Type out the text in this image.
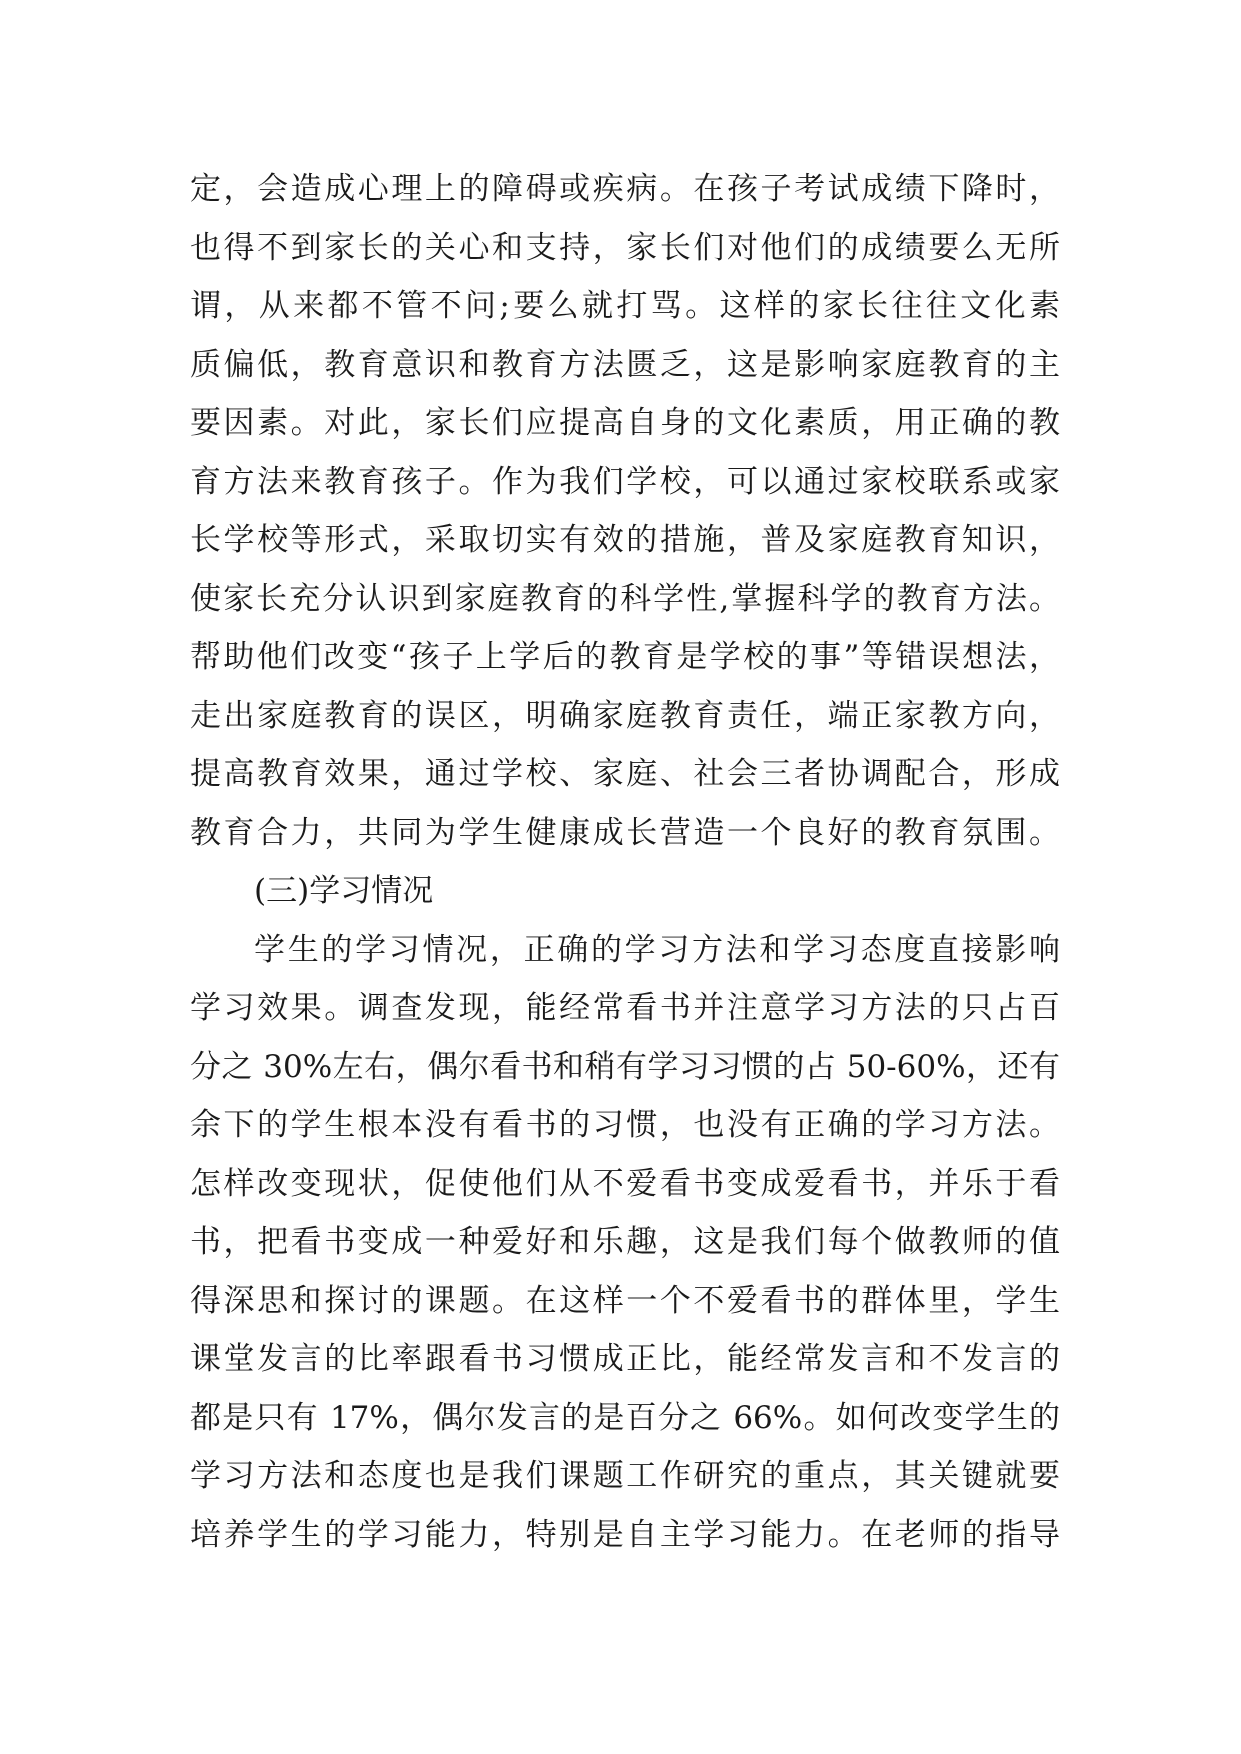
定，会造成心理上的障碍或疾病。在孩子考试成绩下降时，
也得不到家长的关心和支持，家长们对他们的成绩要么无所
谓，从来都不管不问;要么就打骂。这样的家长往往文化素
质偏低，教育意识和教育方法匮乏，这是影响家庭教育的主
要因素。对此，家长们应提高自身的文化素质，用正确的教
育方法来教育孩子。作为我们学校，可以通过家校联系或家
长学校等形式，采取切实有效的措施，普及家庭教育知识，
使家长充分认识到家庭教育的科学性,掌握科学的教育方法。
帮助他们改变“孩子上学后的教育是学校的事”等错误想法，
走出家庭教育的误区，明确家庭教育责任，端正家教方向，
提高教育效果，通过学校、家庭、社会三者协调配合，形成
教育合力，共同为学生健康成长营造一个良好的教育氛围。
(三)学习情况
学生的学习情况，正确的学习方法和学习态度直接影响
学习效果。调查发现，能经常看书并注意学习方法的只占百
分之 30%左右，偶尔看书和稍有学习习惯的占 50-60%，还有
余下的学生根本没有看书的习惯，也没有正确的学习方法。
怎样改变现状，促使他们从不爱看书变成爱看书，并乐于看
书，把看书变成一种爱好和乐趣，这是我们每个做教师的值
得深思和探讨的课题。在这样一个不爱看书的群体里，学生
课堂发言的比率跟看书习惯成正比，能经常发言和不发言的
都是只有 17%，偶尔发言的是百分之 66%。如何改变学生的
学习方法和态度也是我们课题工作研究的重点，其关键就要
培养学生的学习能力，特别是自主学习能力。在老师的指导
